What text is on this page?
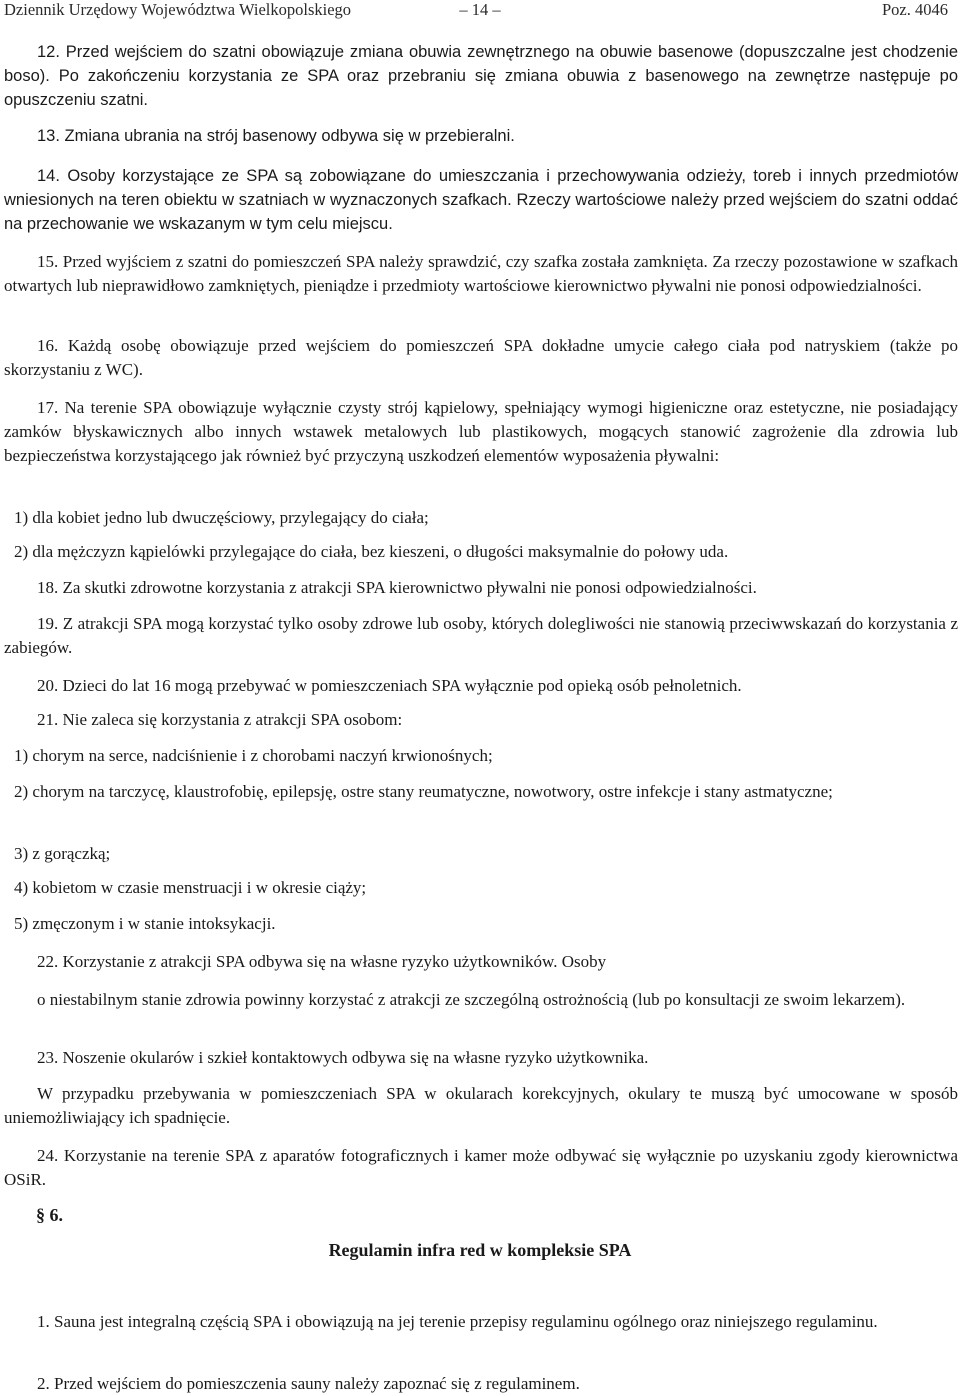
Dziennik Urzędowy Województwa Wielkopolskiego	– 14 –	Poz. 4046

12. Przed wejściem do szatni obowiązuje zmiana obuwia zewnętrznego na obuwie basenowe (dopuszczalne jest chodzenie boso). Po zakończeniu korzystania ze SPA oraz przebraniu się zmiana obuwia z basenowego na zewnętrze następuje po opuszczeniu szatni.

13. Zmiana ubrania na strój basenowy odbywa się w przebieralni.

14. Osoby korzystające ze SPA są zobowiązane do umieszczania i przechowywania odzieży, toreb i innych przedmiotów wniesionych na teren obiektu w szatniach w wyznaczonych szafkach. Rzeczy wartościowe należy przed wejściem do szatni oddać na przechowanie we wskazanym w tym celu miejscu.

15. Przed wyjściem z szatni do pomieszczeń SPA należy sprawdzić, czy szafka została zamknięta. Za rzeczy pozostawione w szafkach otwartych lub nieprawidłowo zamkniętych, pieniądze i przedmioty wartościowe kierownictwo pływalni nie ponosi odpowiedzialności.

16. Każdą osobę obowiązuje przed wejściem do pomieszczeń SPA dokładne umycie całego ciała pod natryskiem (także po skorzystaniu z WC).

17. Na terenie SPA obowiązuje wyłącznie czysty strój kąpielowy, spełniający wymogi higieniczne oraz estetyczne, nie posiadający zamków błyskawicznych albo innych wstawek metalowych lub plastikowych, mogących stanowić zagrożenie dla zdrowia lub bezpieczeństwa korzystającego jak również być przyczyną uszkodzeń elementów wyposażenia pływalni:

1) dla kobiet jedno lub dwuczęściowy, przylegający do ciała;

2) dla mężczyzn kąpielówki przylegające do ciała, bez kieszeni, o długości maksymalnie do połowy uda.

18. Za skutki zdrowotne korzystania z atrakcji SPA kierownictwo pływalni nie ponosi odpowiedzialności.

19. Z atrakcji SPA mogą korzystać tylko osoby zdrowe lub osoby, których dolegliwości nie stanowią przeciwwskazań do korzystania z zabiegów.

20. Dzieci do lat 16 mogą przebywać w pomieszczeniach SPA wyłącznie pod opieką osób pełnoletnich.

21. Nie zaleca się korzystania z atrakcji SPA osobom:

1) chorym na serce, nadciśnienie i z chorobami naczyń krwionośnych;

2) chorym na tarczycę, klaustrofobię, epilepsję, ostre stany reumatyczne, nowotwory, ostre infekcje i stany astmatyczne;

3) z gorączką;

4) kobietom w czasie menstruacji i w okresie ciąży;

5) zmęczonym i w stanie intoksykacji.

22. Korzystanie z atrakcji SPA odbywa się na własne ryzyko użytkowników. Osoby

o niestabilnym stanie zdrowia powinny korzystać z atrakcji ze szczególną ostrożnością (lub po konsultacji ze swoim lekarzem).

23. Noszenie okularów i szkieł kontaktowych odbywa się na własne ryzyko użytkownika.

W przypadku przebywania w pomieszczeniach SPA w okularach korekcyjnych, okulary te muszą być umocowane w sposób uniemożliwiający ich spadnięcie.

24. Korzystanie na terenie SPA z aparatów fotograficznych i kamer może odbywać się wyłącznie po uzyskaniu zgody kierownictwa OSiR.

§ 6.

Regulamin infra red w kompleksie SPA

1. Sauna jest integralną częścią SPA i obowiązują na jej terenie przepisy regulaminu ogólnego oraz niniejszego regulaminu.

2. Przed wejściem do pomieszczenia sauny należy zapoznać się z regulaminem.
